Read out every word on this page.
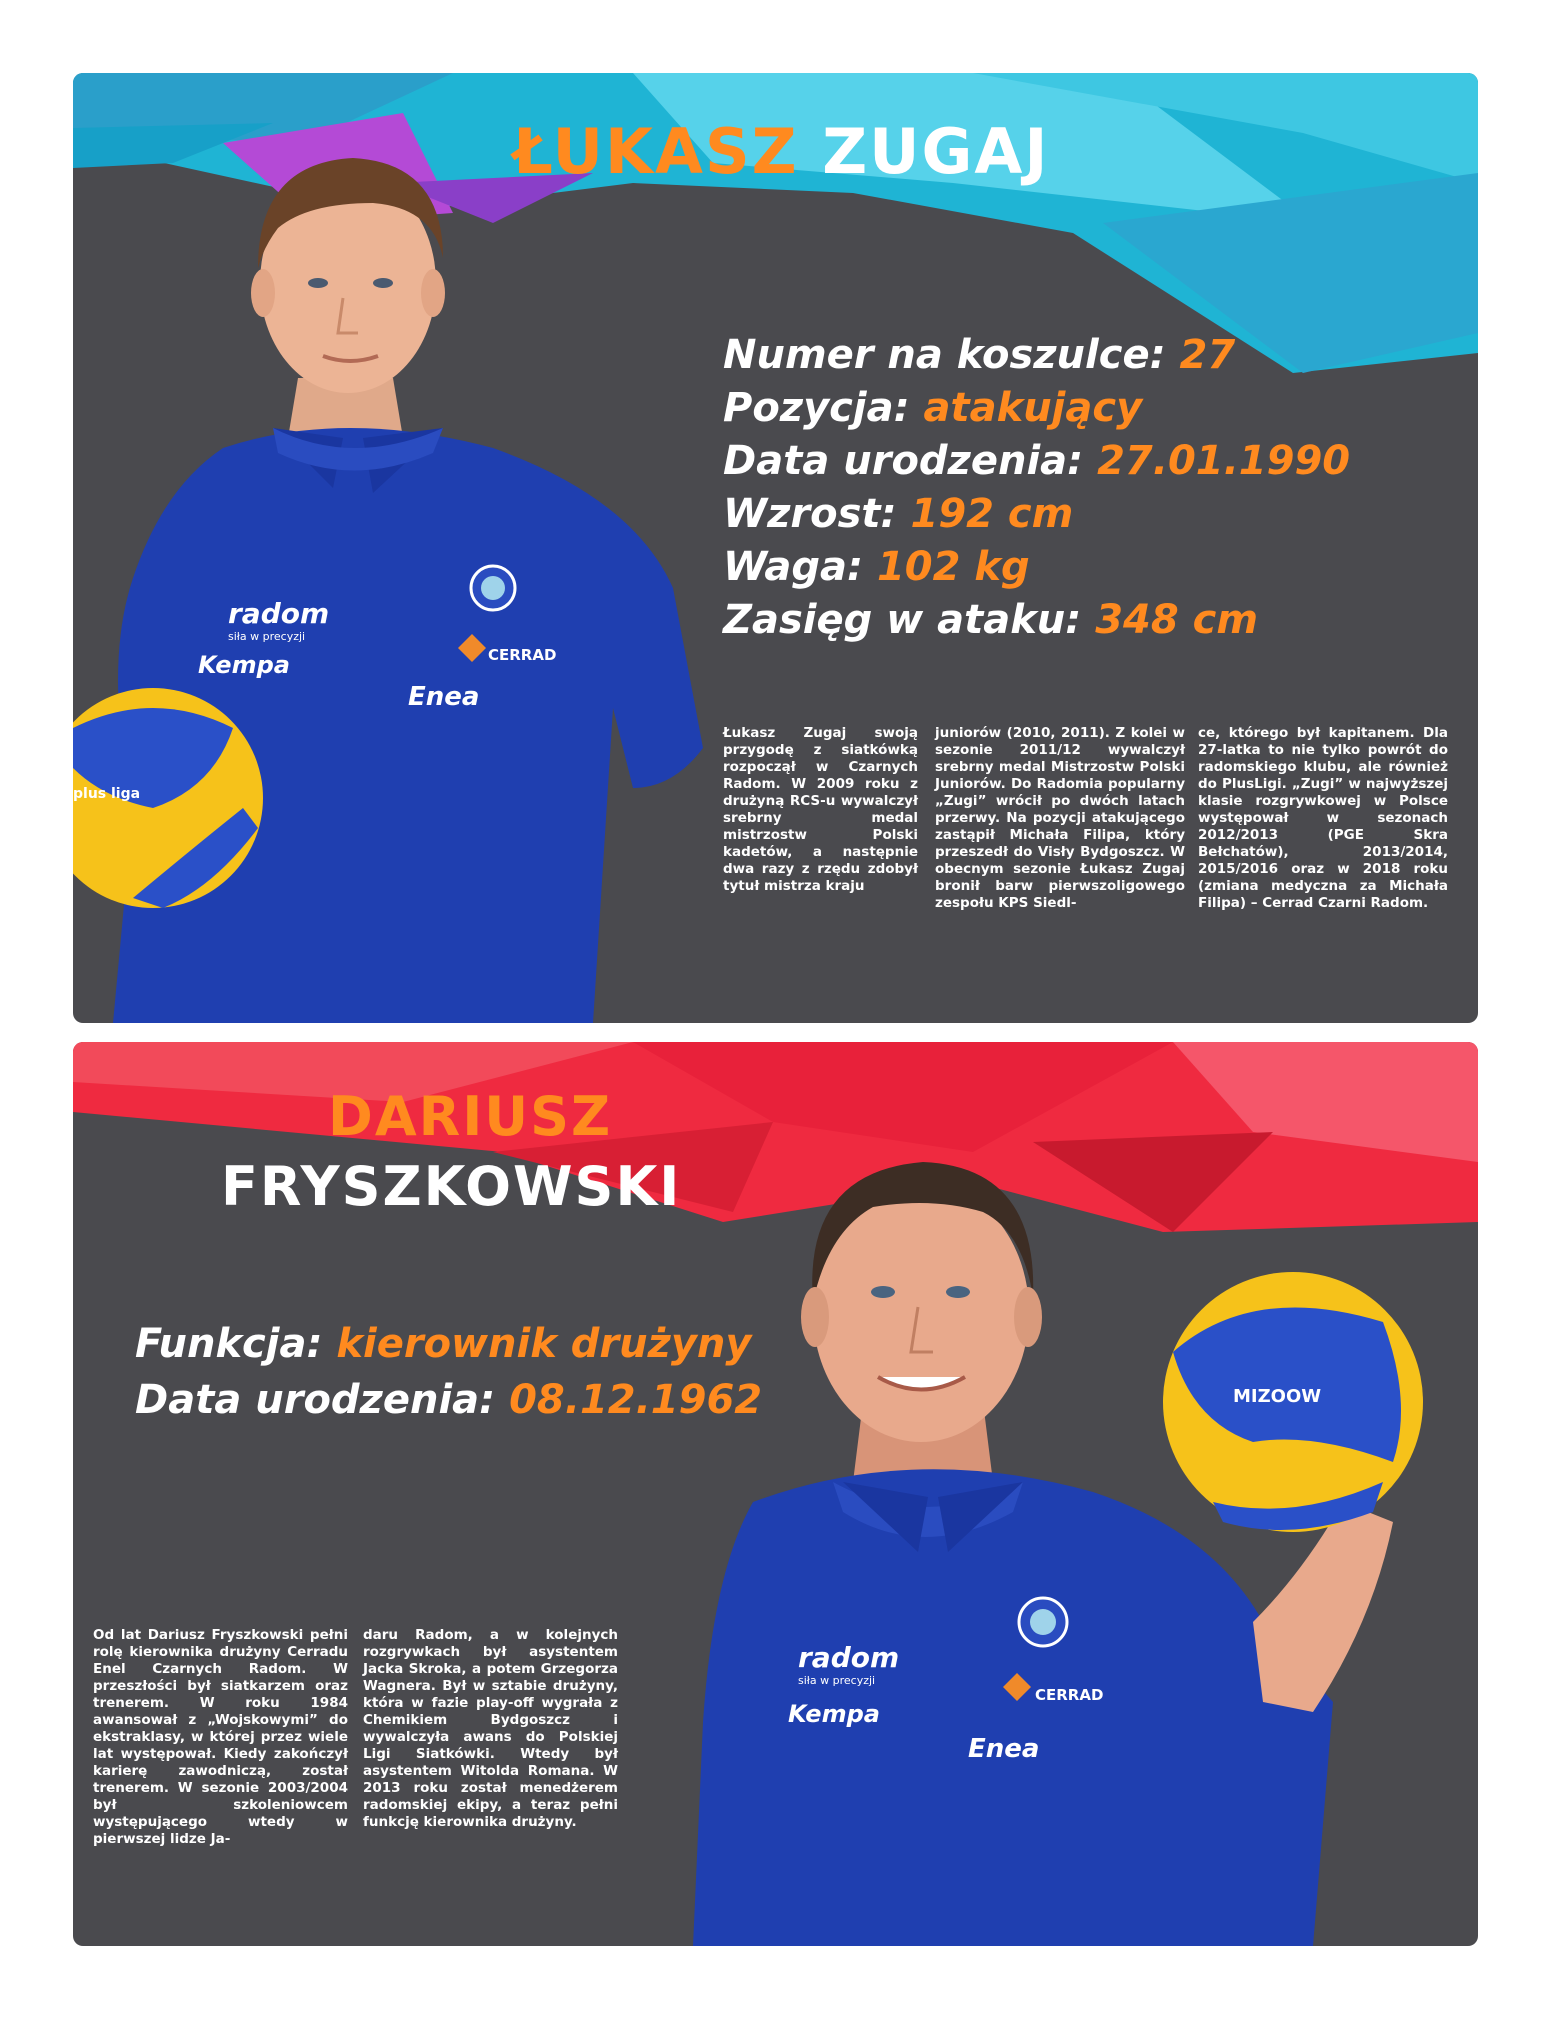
ŁUKASZ ZUGAJ
radom
siła w precyzji
Kempa	CERRAD
Enea
plus liga
Numer na koszulce: 27
Pozycja: atakujący
Data urodzenia: 27.01.1990
Wzrost: 192 cm
Waga: 102 kg
Zasięg w ataku: 348 cm
Łukasz Zugaj swoją przygodę z siatkówką rozpoczął w Czarnych Radom. W 2009 roku z drużyną RCS-u wywalczył srebrny medal mistrzostw Polski kadetów, a następnie dwa razy z rzędu zdobył tytuł mistrza kraju
juniorów (2010, 2011). Z kolei w sezonie 2011/12 wywalczył srebrny medal Mistrzostw Polski Juniorów. Do Radomia popularny „Zugi” wrócił po dwóch latach przerwy. Na pozycji atakującego zastąpił Michała Filipa, który przeszedł do Visły Bydgoszcz. W obecnym sezonie Łukasz Zugaj bronił barw pierwszoligowego zespołu KPS Siedl-
ce, którego był kapitanem. Dla 27-latka to nie tylko powrót do radomskiego klubu, ale również do PlusLigi. „Zugi” w najwyższej klasie rozgrywkowej w Polsce występował w sezonach 2012/2013 (PGE Skra Bełchatów), 2013/2014, 2015/2016 oraz w 2018 roku (zmiana medyczna za Michała Filipa) – Cerrad Czarni Radom.
DARIUSZ
FRYSZKOWSKI
Funkcja: kierownik drużyny
Data urodzenia: 08.12.1962
Od lat Dariusz Fryszkowski pełni rolę kierownika drużyny Cerradu Enel Czarnych Radom. W przeszłości był siatkarzem oraz trenerem. W roku 1984 awansował z „Wojskowymi” do ekstraklasy, w której przez wiele lat występował. Kiedy zakończył karierę zawodniczą, został trenerem. W sezonie 2003/2004 był szkoleniowcem występującego wtedy w pierwszej lidze Ja-
daru Radom, a w kolejnych rozgrywkach był asystentem Jacka Skroka, a potem Grzegorza Wagnera. Był w sztabie drużyny, która w fazie play-off wygrała z Chemikiem Bydgoszcz i wywalczyła awans do Polskiej Ligi Siatkówki. Wtedy był asystentem Witolda Romana. W 2013 roku został menedżerem radomskiej ekipy, a teraz pełni funkcję kierownika drużyny.
MIZOOW
radom
siła w precyzji
Kempa
CERRAD
Enea
